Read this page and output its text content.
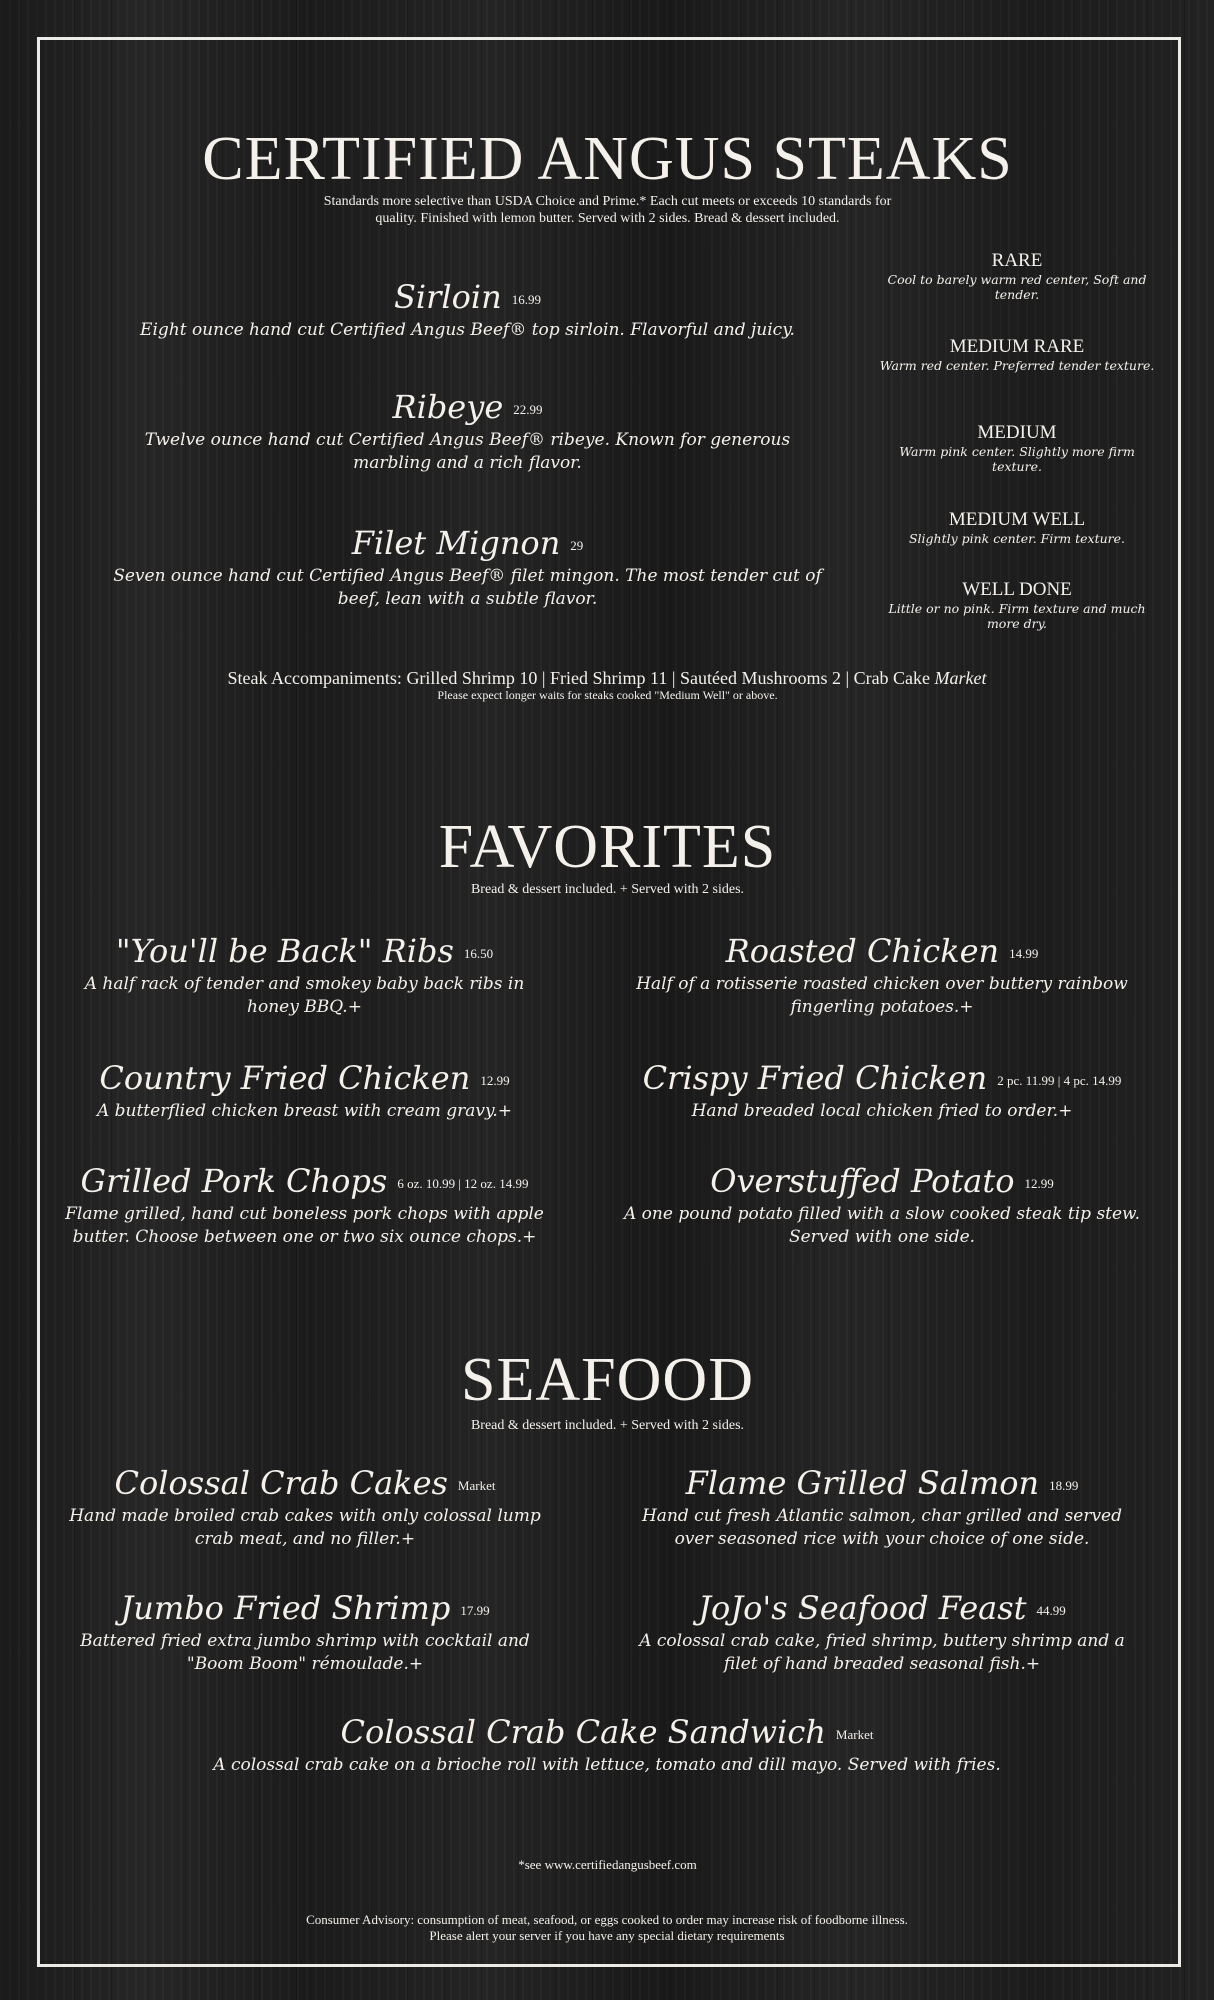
CERTIFIED ANGUS STEAKS
Standards more selective than USDA Choice and Prime.* Each cut meets or exceeds 10 standards for
quality. Finished with lemon butter. Served with 2 sides. Bread & dessert included.
Sirloin 16.99
Eight ounce hand cut Certified Angus Beef® top sirloin. Flavorful and juicy.
Ribeye 22.99
Twelve ounce hand cut Certified Angus Beef® ribeye. Known for generous marbling and a rich flavor.
Filet Mignon 29
Seven ounce hand cut Certified Angus Beef® filet mingon. The most tender cut of beef, lean with a subtle flavor.
RARE
Cool to barely warm red center, Soft and tender.
MEDIUM RARE
Warm red center. Preferred tender texture.
MEDIUM
Warm pink center. Slightly more firm texture.
MEDIUM WELL
Slightly pink center. Firm texture.
WELL DONE
Little or no pink. Firm texture and much more dry.
Steak Accompaniments: Grilled Shrimp 10 | Fried Shrimp 11 | Sautéed Mushrooms 2 | Crab Cake Market
Please expect longer waits for steaks cooked "Medium Well" or above.
FAVORITES
Bread & dessert included. + Served with 2 sides.
"You'll be Back" Ribs 16.50
A half rack of tender and smokey baby back ribs in honey BBQ.+
Roasted Chicken 14.99
Half of a rotisserie roasted chicken over buttery rainbow fingerling potatoes.+
Country Fried Chicken 12.99
A butterflied chicken breast with cream gravy.+
Crispy Fried Chicken 2 pc. 11.99 | 4 pc. 14.99
Hand breaded local chicken fried to order.+
Grilled Pork Chops 6 oz. 10.99 | 12 oz. 14.99
Flame grilled, hand cut boneless pork chops with apple butter. Choose between one or two six ounce chops.+
Overstuffed Potato 12.99
A one pound potato filled with a slow cooked steak tip stew. Served with one side.
SEAFOOD
Bread & dessert included. + Served with 2 sides.
Colossal Crab Cakes Market
Hand made broiled crab cakes with only colossal lump crab meat, and no filler.+
Flame Grilled Salmon 18.99
Hand cut fresh Atlantic salmon, char grilled and served over seasoned rice with your choice of one side.
Jumbo Fried Shrimp 17.99
Battered fried extra jumbo shrimp with cocktail and "Boom Boom" rémoulade.+
JoJo's Seafood Feast 44.99
A colossal crab cake, fried shrimp, buttery shrimp and a filet of hand breaded seasonal fish.+
Colossal Crab Cake Sandwich Market
A colossal crab cake on a brioche roll with lettuce, tomato and dill mayo. Served with fries.
*see www.certifiedangusbeef.com
Consumer Advisory: consumption of meat, seafood, or eggs cooked to order may increase risk of foodborne illness.
Please alert your server if you have any special dietary requirements
